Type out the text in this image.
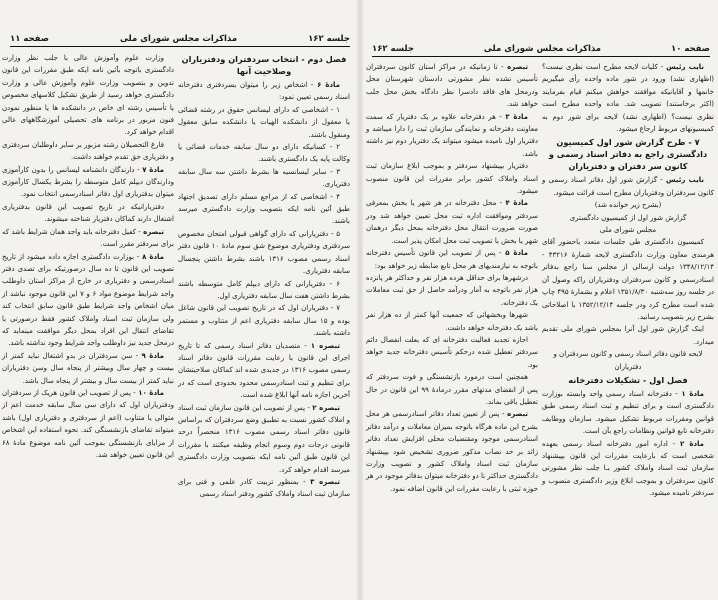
جلسه ۱۶۲
مذاکرات مجلس شورای ملی
صفحه ۱۱
فصل دوم - انتخاب سردفتران ودفتریاران وصلاحیت آنها
مادهٔ ۶ - اشخاص زیر را میتوان بسردفتری دفترخانه اسناد رسمی تعیین نمود:
۱ - اشخاصی که دارای لیسانس حقوق در رشته قضائی یا معقول از دانشکده الهیات یا دانشکده سابق معقول ومنقول باشند.
۲ - کسانیکه دارای دو سال سابقه خدمات قضائی یا وکالت پایه یک دادگستری باشند.
۳ - سایر لیسانسیه ها بشرط داشتن سه سال سابقه دفتریاری.
۴ - اشخاصی که از مراجع مسلم دارای تصدیق اجتهاد طبق آئین نامه ایکه بتصویب وزارت دادگستری میرسد باشند.
۵ - دفتریارانی که دارای گواهی قبولی امتحان مخصوص سردفتری ودفتریاری موضوع شق سوم مادهٔ ۱۰ قانون دفتر اسناد رسمی مصوب ۱۳۱۶ باشند بشرط داشتن پنجسال سابقه دفتریاری.
۶ - دفتریارانی که دارای دیپلم کامل متوسطه باشند بشرط داشتن هفت سال سابقه دفتریاری اول.
۷ - دفتریاران اول که در تاریخ تصویب این قانون شاغل بوده و ۱۵ سال سابقه دفتریاری اعم از متناوب و مستمر داشته باشند.
تبصره ۱ - متصدیان دفاتر اسناد رسمی که تا تاریخ اجرای این قانون با رعایت مقررات قانون دفاتر اسناد رسمی مصوب ۱۳۱۶ در جدیدی شده اند کماکان صلاحیتشان برای تنظیم و ثبت اسنادرسمی محدود بحدودی است که در آخرین اجازه نامه آنها ابلاغ شده است.
تبصره ۲ - پس از تصویب این قانون سازمان ثبت اسناد و املاک کشور نسبت به تطبیق وضع سردفتران که براساس قانون دفاتر اسناد رسمی مصوب ۱۳۱۶ منحصراً درحد قانونی درجات دوم وسوم انجام وظیفه میکنند با مقررات این قانون طبق آئین نامه ایکه بتصویب وزارت دادگستری میرسد اقدام خواهد کرد.
تبصره ۳ - بمنظور تربیت کادر علمی و فنی برای سازمان ثبت اسناد واملاک کشور ودفتر اسناد رسمی
وزارت علوم وآموزش عالی با جلب نظر وزارت دادگستری باتوجه بآئین نامه ایکه طبق مقررات این قانون تدوین و بتصویب وزارت علوم وآموزش عالی و وزارت دادگستری خواهد رسید از طریق تشکیل کلاسهای مخصوص یا تأسیس رشته ای خاص در دانشکده ها یا منظور نمودن فنون مزبور در برنامه های تحصیلی آموزشگاههای عالی اقدام خواهد کرد.
فارغ التحصیلان رشته مزبور بر سایر داوطلبان سردفتری و دفتریاری حق تقدم خواهند داشت.
مادهٔ ۷ - دارندگان دانشنامه لیسانس را بدون کارآموزی ودارندگان دیپلم کامل متوسطه را بشرط یکسال کارآموزی میتوان بدفتریاری اول دفاتر اسنادرسمی انتخاب نمود.
دفتریارانیکه در تاریخ تصویب این قانون بدفتریاری اشتغال دارند کماکان دفتریار شناخته میشوند.
تبصره - کفیل دفترخانه باید واجد همان شرایط باشد که برای سردفتر مقرر است.
مادهٔ ۸ - بوزارت دادگستری اجازه داده میشود از تاریخ تصویب این قانون تا ده سال درصورتیکه برای تصدی دفتر اسنادرسمی و دفتریاری در خارج از مراکز استان داوطلب واجد شرایط موضوع مواد ۶ و ۷ این قانون موجود نباشد از میان اشخاص واجد شرایط طبق قانون سابق انتخاب کند ولی سازمان ثبت اسناد واملاک کشور فقط درصورتی با تقاضای انتقال این افراد بمحل دیگر موافقت مینماید که درمحل جدید نیز داوطلب واجد شرایط وجود نداشته باشد.
مادهٔ ۹ - سن سردفتران در بدو اشتغال نباید کمتر از بیست و چهار سال وبیشتر از پنجاه سال وسن دفتریاران نباید کمتر از بیست سال و بیشتر از پنجاه سال باشد.
مادهٔ ۱۰ - پس از تصویب این قانون هریک از سردفتران ودفتریاران اول که دارای سی سال سابقه خدمت اعم از متوالی یا متناوب (اعم از سردفتری و دفتریاری اول) باشد میتواند تقاضای بازنشستگی کند. نحوه استفاده این اشخاص از مزایای بازنشستگی بموجب آئین نامه موضوع مادهٔ ۶۸ این قانون تعیین خواهد شد.
صفحه ۱۰
مذاکرات مجلس شورای ملی
جلسه ۱۶۲
نایب رئیس - کلیات لایحه مطرح است نظری نیست؟ (اظهاری نشد) ورود در شور ماده واحده رأی میگیریم خانمها و آقایانیکه موافقند خواهش میکنم قیام بفرمایند (اکثر برخاستند) تصویب شد. ماده واحده مطرح است نظری نیست؟ (اظهاری نشد) لایحه برای شور دوم به کمیسیونهای مربوط ارجاع میشود.
۷ - طرح گزارش شور اول کمیسیون دادگستری راجع به دفاتر اسناد رسمی و کانون سر دفتران و دفتریاران
نایب رئیس - گزارش شور اول دفاتر اسناد رسمی و کانون سردفتران ودفتریاران مطرح است قرائت میشود.
(بشرح زیر خوانده شد)
گزارش شور اول از کمیسیون دادگستری
مجلس شورای ملی
کمیسیون دادگستری طی جلسات متعدد باحضور آقای هرمندی معاون وزارت دادگستری لایحه شمارهٔ ۴۳۲۱۶ - ۱۳۴۸/۱۲/۱۴ دولت ارسالی از مجلس سنا راجع بدفاتر اسنادرسمی و کانون سردفتران ودفتریاران راکه وصول آن در جلسه روز سه‌شنبه ۱۳۵۱/۸/۳۰ اعلام و بشمارهٔ ۴۹۵ چاپ شده است مطرح کرد ودر جلسه ۱۳۵۲/۱۲/۱۴ با اصلاحاتی بشرح زیر بتصویب رسانید.
اینک گزارش شور اول آنرا بمجلس شورای ملی تقدیم میدارد.
لایحه قانون دفاتر اسناد رسمی و کانون سردفتران و دفتریاران
فصل اول - تشکیلات دفترخانه
مادهٔ ۱ - دفترخانه اسناد رسمی واحد وابسته بوزارت دادگستری است و برای تنظیم و ثبت اسناد رسمی طبق قوانین ومقررات مربوط تشکیل میشود. سازمان ووظایف دفترخانه تابع قوانین ونظامات راجع بآن است.
مادهٔ ۲ - اداره امور دفترخانه اسناد رسمی بعهده شخصی است که بارعایت مقررات این قانون بپیشنهاد سازمان ثبت اسناد واملاک کشور بـا جلب نظر مشورتی کانون سردفتران و بموجب ابلاغ وزیر دادگستری منصوب و سردفتر نامیده میشود.
تبصره - تا زمانیکه در مراکز استان کانون سردفتران تأسیس نشده نظر مشورتی دادستان شهرستان محل ودرمحل های فاقد دادسرا نظر دادگاه بخش محل جلب خواهد شد.
مادهٔ ۳ - هر دفترخانه علاوه بر یک دفتریار که سمت معاونت دفترخانه و نمایندگی سازمان ثبت را دارا میباشد و دفتریار اول نامیده میشود میتواند یک دفتریار دوم نیز داشته باشد.
دفتریار بپیشنهاد سردفتر و بموجب ابلاغ سازمان ثبت اسناد واملاک کشور برابر مقررات این قانون منصوب میشود.
مادهٔ ۴ - محل دفترخانه در هر شهر یا بخش بمعرفی سردفتر وموافقت اداره ثبت محل تعیین خواهد شد ودر صورت ضرورت انتقال محل دفترخانه بمحل دیگر درهمان شهر یا بخش با تصویب ثبت محل امکان پذیر است.
مادهٔ ۵ - پس از تصویب این قانون تأسیس دفترخانه باتوجه به نیازمندیهای هر محل تابع ضابطه زیر خواهد بود:
درشهرها برای حداقل هرده هزار نفر و حداکثر هر پانزده هزار نفر باتوجه به آمار ودرآمد حاصل از حق ثبت معاملات یک دفترخانه.
شهرها وبخشهائی که جمعیت آنها کمتر از ده هزار نفر باشد یک دفترخانه خواهد داشت.
اجازه تجدید فعالیت دفترخانه ای که بعلت انفصال دائم سردفتر تعطیل شده درحکم تأسیس دفترخانه جدید خواهد بود.
همچنین است درمورد بازنشستگی و فوت سردفتر که پس از انقضای مدتهای مقرر درمادهٔ ۹۹ این قانون در حال تعطیل باقی بماند.
تبصره - پس از تعیین تعداد دفاتر اسنادرسمی هر محل بشرح این ماده هرگاه باتوجه بمیزان معاملات و درآمد دفاتر اسنادرسمی موجود ومقتضیات محلی افزایش تعداد دفاتر زائد بر حد نصاب مذکور ضروری تشخیص شود بپیشنهاد سازمان ثبت اسناد واملاک کشور و تصویب وزارت دادگستری حداکثر تا دو دفترخانه میتوان بدفاتر موجود در هر حوزه ثبتی با رعایت مقررات این قانون اضافه نمود.
